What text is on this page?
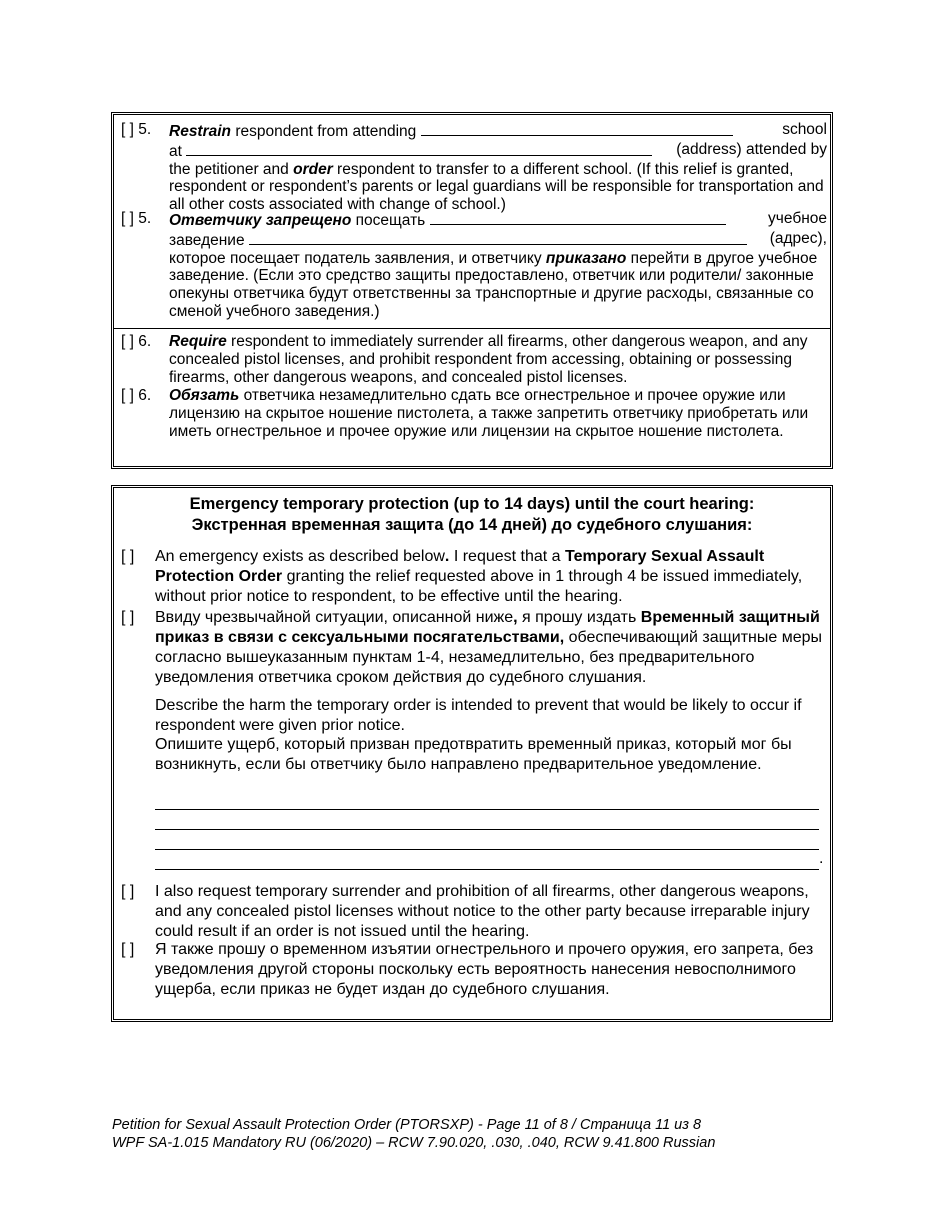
[ ] 5. Restrain respondent from attending	school
at	(address) attended by
the petitioner and order respondent to transfer to a different school. (If this relief is granted, respondent or respondent’s parents or legal guardians will be responsible for transportation and all other costs associated with change of school.)
[ ] 5. Ответчику запрещено посещать	учебное
заведение	(адрес),
которое посещает податель заявления, и ответчику приказано перейти в другое учебное заведение. (Если это средство защиты предоставлено, ответчик или родители/ законные опекуны ответчика будут ответственны за транспортные и другие расходы, связанные со сменой учебного заведения.)
[ ] 6. Require respondent to immediately surrender all firearms, other dangerous weapon, and any concealed pistol licenses, and prohibit respondent from accessing, obtaining or possessing firearms, other dangerous weapons, and concealed pistol licenses.
[ ] 6. Обязать ответчика незамедлительно сдать все огнестрельное и прочее оружие или лицензию на скрытое ношение пистолета, а также запретить ответчику приобретать или иметь огнестрельное и прочее оружие или лицензии на скрытое ношение пистолета.
Emergency temporary protection (up to 14 days) until the court hearing:
Экстренная временная защита (до 14 дней) до судебного слушания:
[ ] An emergency exists as described below. I request that a Temporary Sexual Assault Protection Order granting the relief requested above in 1 through 4 be issued immediately, without prior notice to respondent, to be effective until the hearing.
[ ] Ввиду чрезвычайной ситуации, описанной ниже, я прошу издать Временный защитный приказ в связи с сексуальными посягательствами, обеспечивающий защитные меры согласно вышеуказанным пунктам 1-4, незамедлительно, без предварительного уведомления ответчика сроком действия до судебного слушания.
Describe the harm the temporary order is intended to prevent that would be likely to occur if respondent were given prior notice.
Опишите ущерб, который призван предотвратить временный приказ, который мог бы возникнуть, если бы ответчику было направлено предварительное уведомление.
.
[ ] I also request temporary surrender and prohibition of all firearms, other dangerous weapons, and any concealed pistol licenses without notice to the other party because irreparable injury could result if an order is not issued until the hearing.
[ ] Я также прошу о временном изъятии огнестрельного и прочего оружия, его запрета, без уведомления другой стороны поскольку есть вероятность нанесения невосполнимого ущерба, если приказ не будет издан до судебного слушания.
Petition for Sexual Assault Protection Order (PTORSXP) - Page 11 of 8 / Страница 11 из 8
WPF SA-1.015 Mandatory RU (06/2020) – RCW 7.90.020, .030, .040, RCW 9.41.800 Russian
